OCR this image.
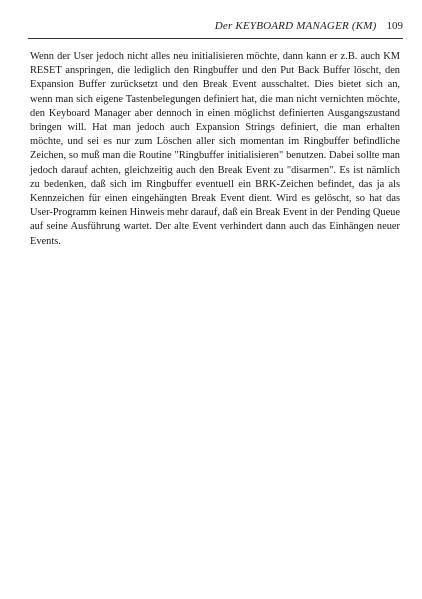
Der KEYBOARD MANAGER (KM) 109

Wenn der User jedoch nicht alles neu initialisieren möchte, dann kann er z.B. auch KM RESET anspringen, die lediglich den Ringbuffer und den Put Back Buffer löscht, den Expansion Buffer zurücksetzt und den Break Event ausschaltet. Dies bietet sich an, wenn man sich eigene Tastenbelegungen definiert hat, die man nicht vernichten möchte, den Keyboard Manager aber dennoch in einen möglichst definierten Ausgangszustand bringen will. Hat man jedoch auch Expansion Strings definiert, die man erhalten möchte, und sei es nur zum Löschen aller sich momentan im Ringbuffer befindliche Zeichen, so muß man die Routine "Ringbuffer initialisieren" benutzen. Dabei sollte man jedoch darauf achten, gleichzeitig auch den Break Event zu "disarmen". Es ist nämlich zu bedenken, daß sich im Ringbuffer eventuell ein BRK-Zeichen befindet, das ja als Kennzeichen für einen eingehängten Break Event dient. Wird es gelöscht, so hat das User-Programm keinen Hinweis mehr darauf, daß ein Break Event in der Pending Queue auf seine Ausführung wartet. Der alte Event verhindert dann auch das Einhängen neuer Events.
